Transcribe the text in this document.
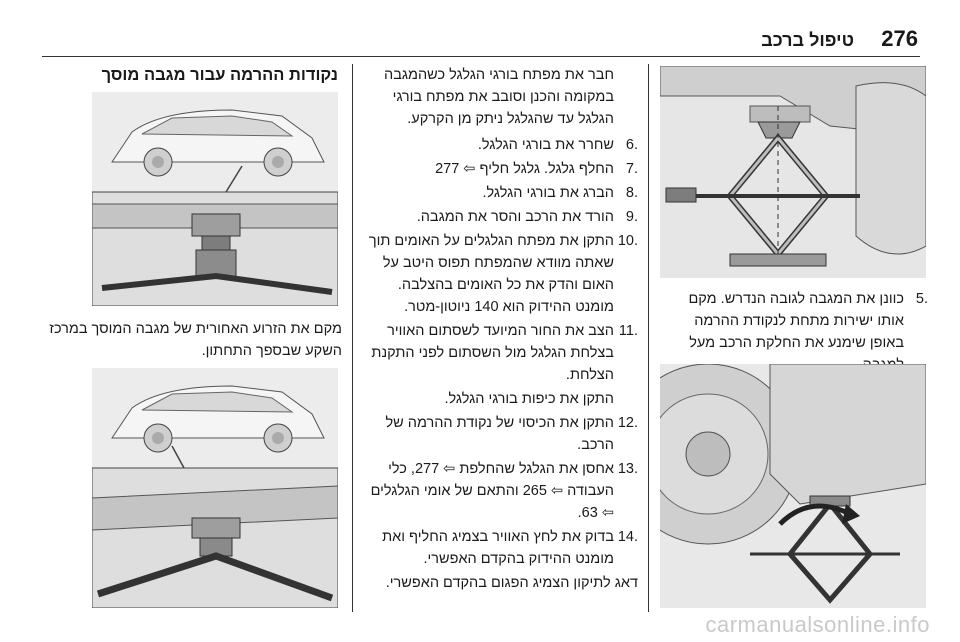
276
טיפול ברכב
.5
כוונן את המגבה לגובה הנדרש. מקם אותו ישירות מתחת לנקודת ההרמה באופן שימנע את החלקת הרכב מעל

חבר את מפתח בורגי הגלגל כשהמגבה במקומה והכנן וסובב את מפתח בורגי הגלגל עד שהגלגל ניתק מן הקרקע.

.6
שחרר את בורגי הגלגל.
.7
החלף גלגל. גלגל חליף ⇦ 277
.8
הברג את בורגי הגלגל.
.9
הורד את הרכב והסר את המגבה.
.10
התקן את מפתח הגלגלים על האומים תוך שאתה מוודא שהמפתח תפוס היטב על האום והדק את כל האומים בהצלבה. מומנט ההידוק הוא 140 ניוטון-מטר.
.11
הצב את החור המיועד לשסתום האוויר בצלחת הגלגל מול השסתום לפני התקנת הצלחת.
התקן את כיפות בורגי הגלגל.
.12
התקן את הכיסוי של נקודת ההרמה של הרכב.
.13
אחסן את הגלגל שהחלפת ⇦ 277, כלי העבודה ⇦ 265 והתאם של אומי הגלגלים ⇦ 63.
.14
בדוק את לחץ האוויר בצמיג החליף ואת מומנט ההידוק בהקדם האפשרי.

דאג לתיקון הצמיג הפגום בהקדם האפשרי.

נקודות ההרמה עבור מגבה מוסך

מקם את הזרוע האחורית של מגבה המוסך במרכז השקע שבספך התחתון.

carmanualsonline.info
